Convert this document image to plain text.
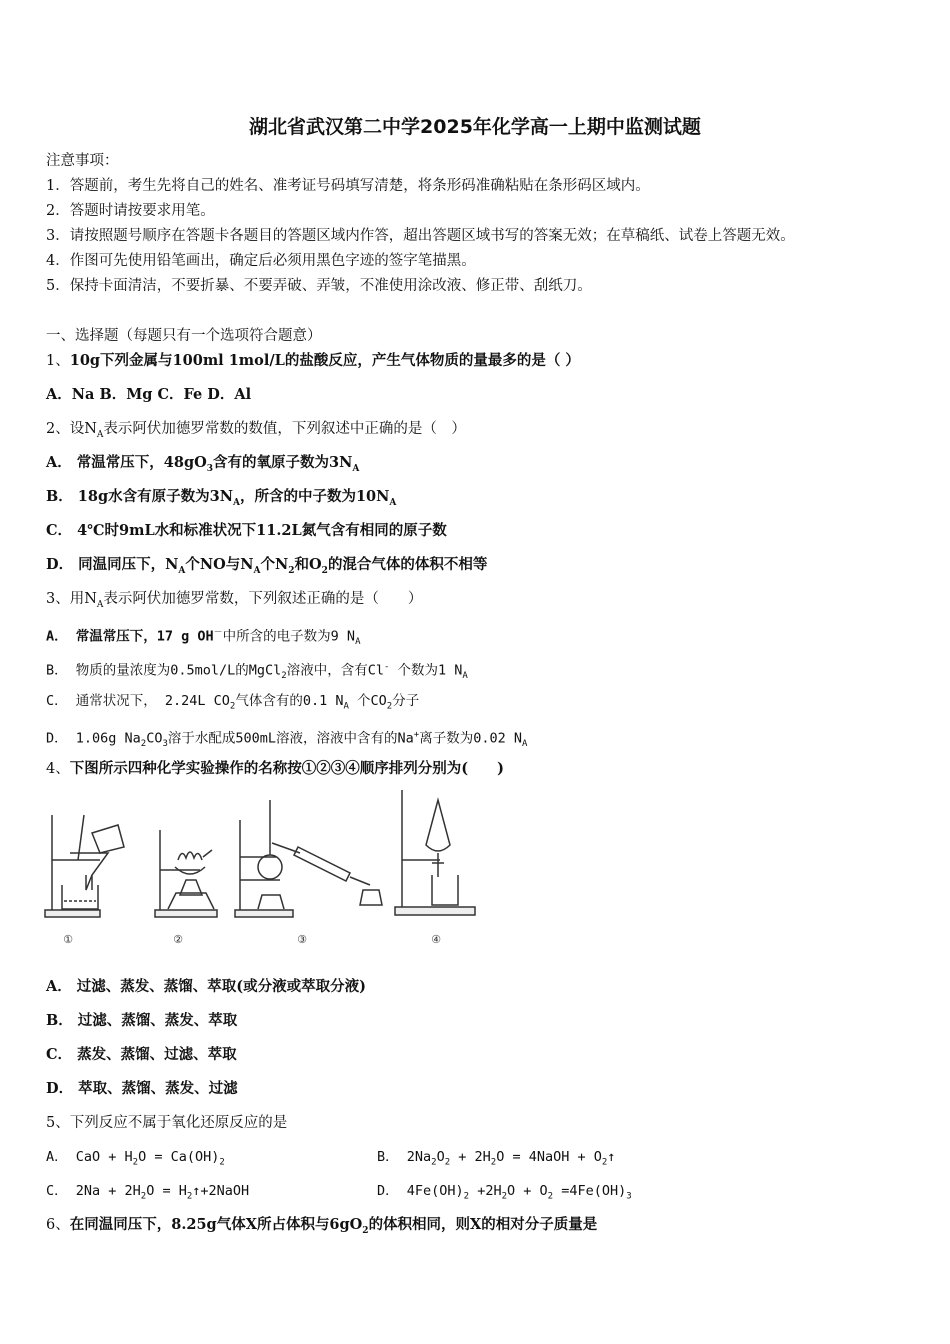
湖北省武汉第二中学2025年化学高一上期中监测试题
注意事项：
1．答题前，考生先将自己的姓名、准考证号码填写清楚，将条形码准确粘贴在条形码区域内。
2．答题时请按要求用笔。
3．请按照题号顺序在答题卡各题目的答题区域内作答，超出答题区域书写的答案无效；在草稿纸、试卷上答题无效。
4．作图可先使用铅笔画出，确定后必须用黑色字迹的签字笔描黑。
5．保持卡面清洁，不要折暴、不要弄破、弄皱，不准使用涂改液、修正带、刮纸刀。
一、选择题（每题只有一个选项符合题意）
1、10g下列金属与100ml 1mol/L的盐酸反应，产生气体物质的量最多的是（ ）
A．Na B．Mg C．Fe D．Al
2、设$N_A$表示阿伏加德罗常数的数值，下列叙述中正确的是（　）
A． 常温常压下，$48gO_3$含有的氧原子数为$3N_A$
B． 18g水含有原子数为$3N_A$，所含的中子数为$10N_A$
C． 4℃时9mL水和标准状况下11.2L氮气含有相同的原子数
D． 同温同压下，$N_A$个NO与$N_A$个$N_2$和$O_2$的混合气体的体积不相等
3、用$N_A$表示阿伏加德罗常数，下列叙述正确的是（　　）
A． 常温常压下，17 g OH－中所含的电子数为9 $N_A$
B． 物质的量浓度为0.5mol/L的MgCl$_2$溶液中，含有Cl- 个数为1 $N_A$
C． 通常状况下， 2.24L $CO_2$气体含有的0.1 $N_A$ 个$CO_2$分子
D． 1.06g $Na_2CO_3$溶于水配成500mL溶液，溶液中含有的Na+离子数为0.02 $N_A$
4、下图所示四种化学实验操作的名称按①②③④顺序排列分别为(　　)
①	②	③	④
A． 过滤、蒸发、蒸馏、萃取(或分液或萃取分液)
B． 过滤、蒸馏、蒸发、萃取
C． 蒸发、蒸馏、过滤、萃取
D． 萃取、蒸馏、蒸发、过滤
5、下列反应不属于氧化还原反应的是
A． CaO + $H_2O = Ca(OH)_2$	B． $2Na_2O_2 + 2H_2O$ = 4NaOH + $O_2↑$
C． $2Na + 2H_2O$ = $H_2↑+2NaOH$	D． $4Fe(OH)_2 +2H_2O + O_2 =4Fe(OH)_3$
6、在同温同压下，8.25g气体X所占体积与$6gO_2$的体积相同，则X的相对分子质量是
